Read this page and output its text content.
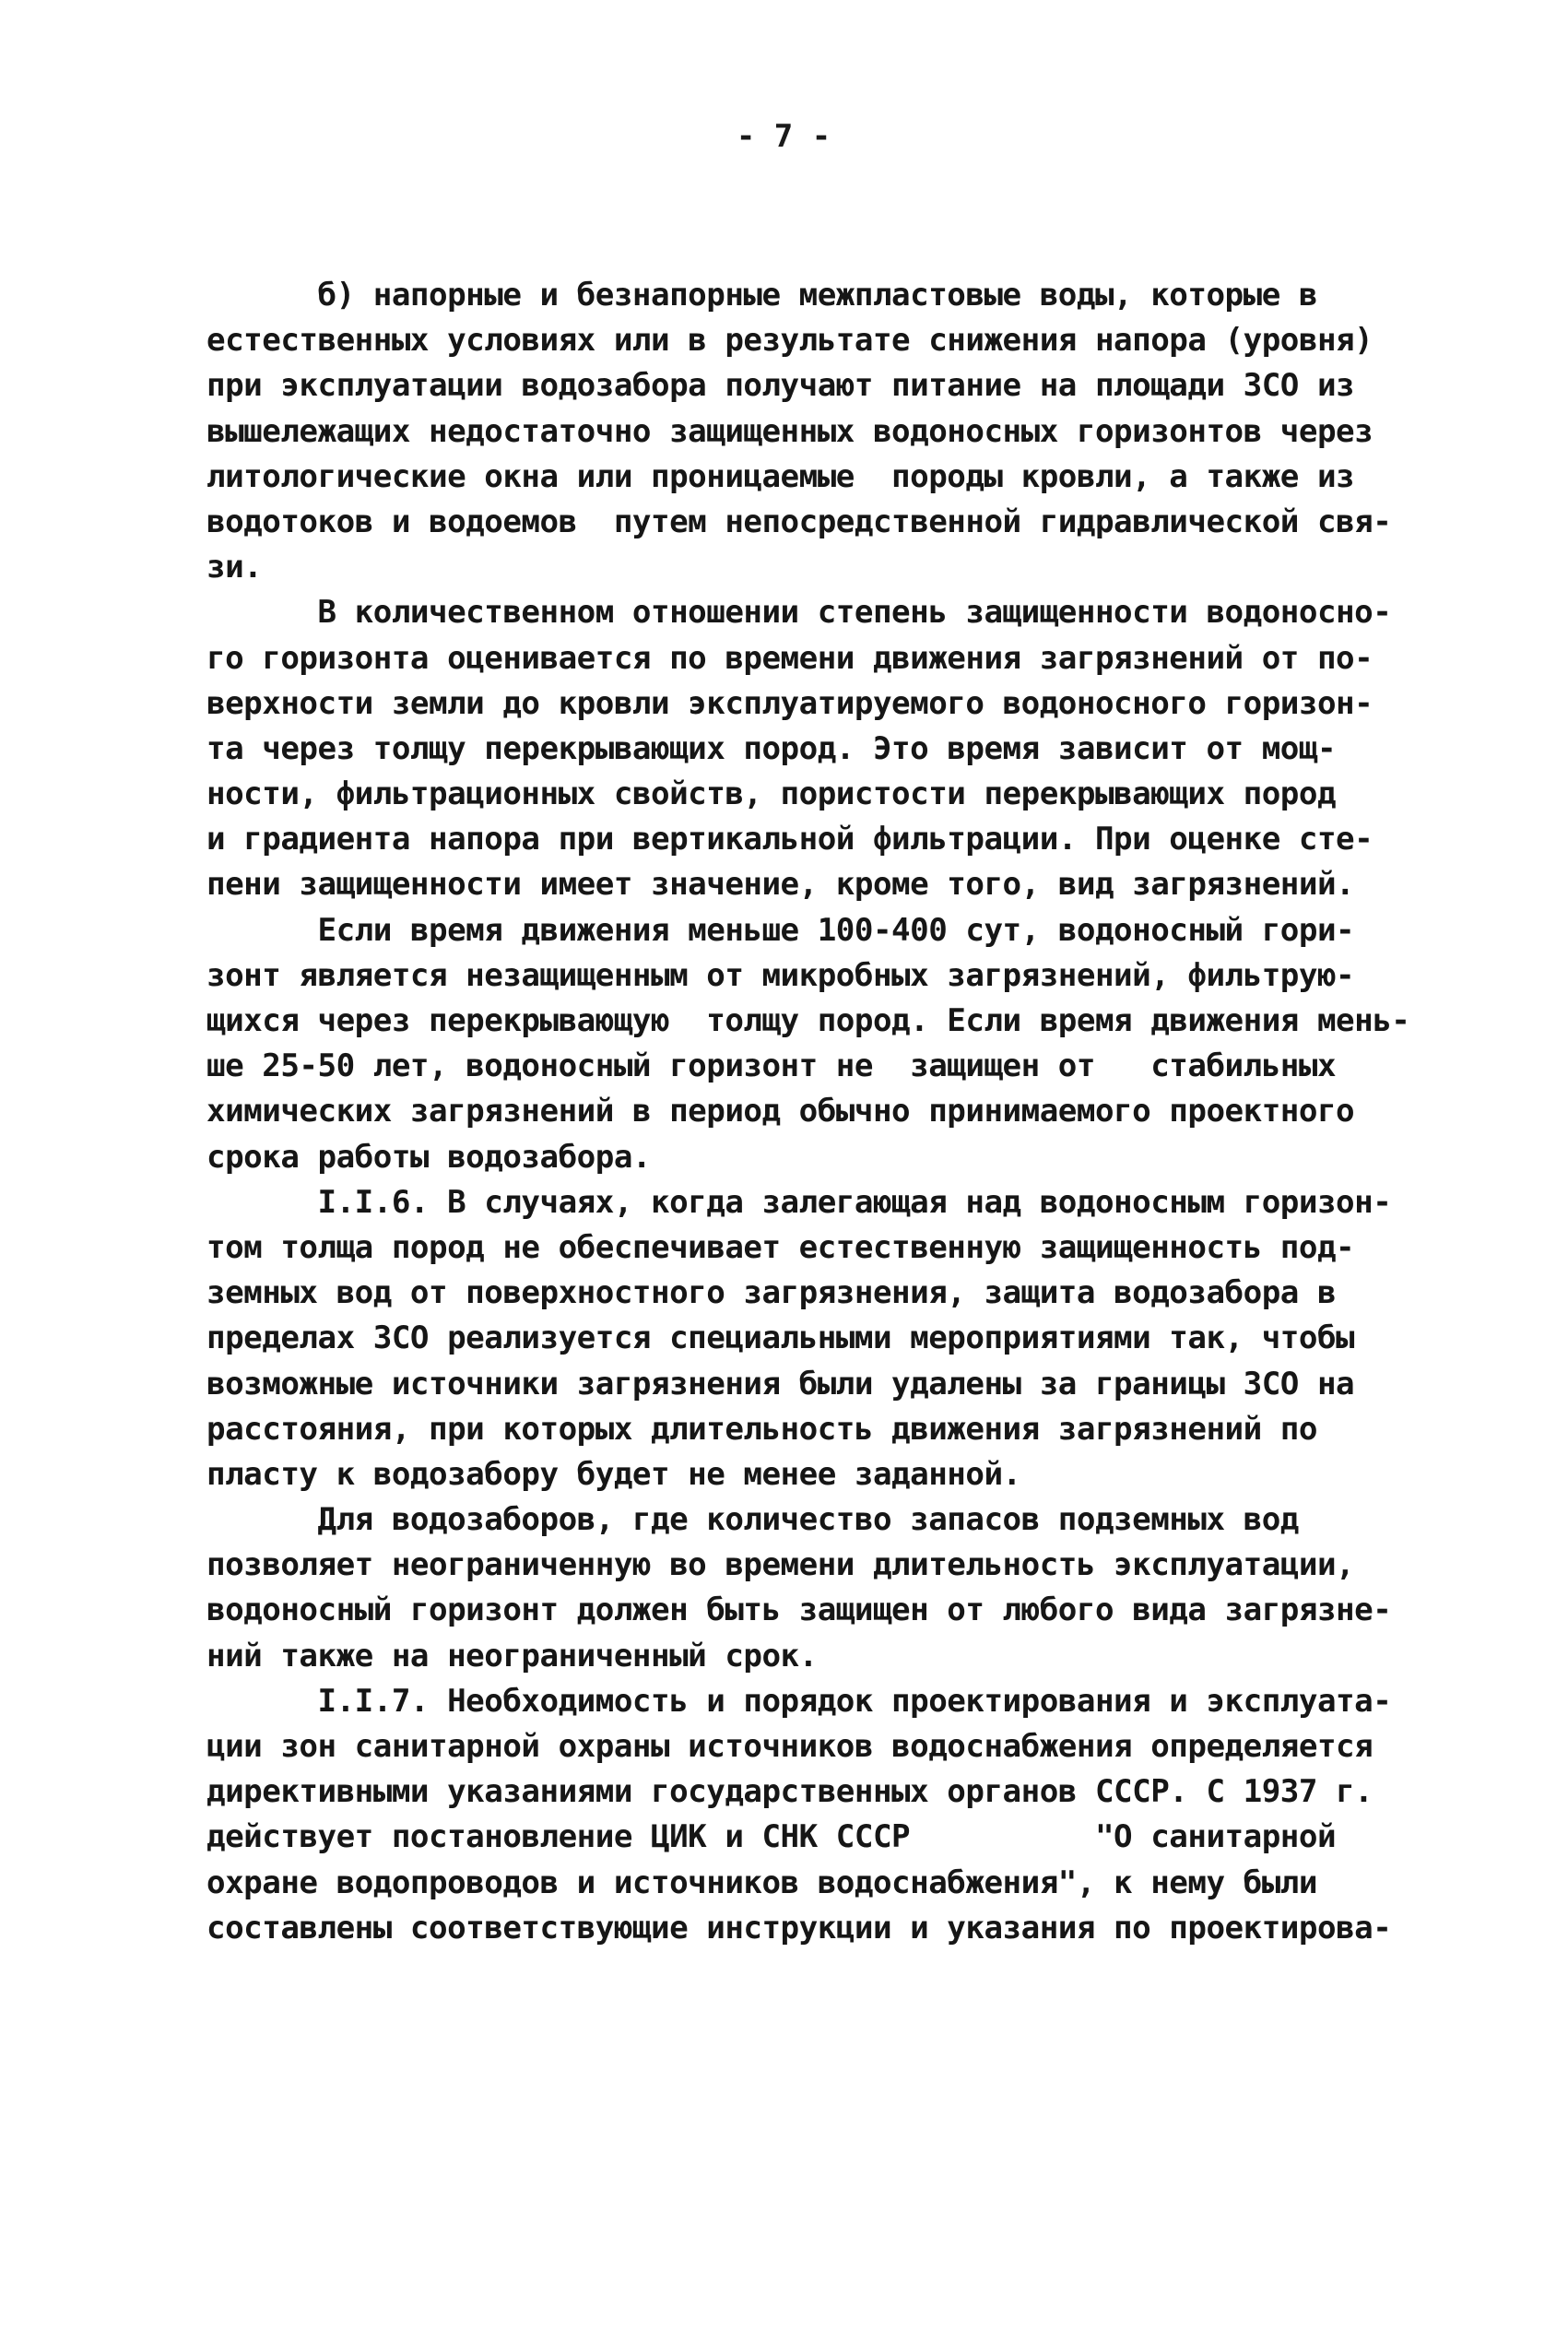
- 7 -
б) напорные и безнапорные межпластовые воды, которые в
естественных условиях или в результате снижения напора (уровня)
при эксплуатации водозабора получают питание на площади ЗСО из
вышележащих недостаточно защищенных водоносных горизонтов через
литологические окна или проницаемые  породы кровли, а также из
водотоков и водоемов  путем непосредственной гидравлической свя-
зи.
В количественном отношении степень защищенности водоносно-
го горизонта оценивается по времени движения загрязнений от по-
верхности земли до кровли эксплуатируемого водоносного горизон-
та через толщу перекрывающих пород. Это время зависит от мощ-
ности, фильтрационных свойств, пористости перекрывающих пород
и градиента напора при вертикальной фильтрации. При оценке сте-
пени защищенности имеет значение, кроме того, вид загрязнений.
Если время движения меньше 100-400 сут, водоносный гори-
зонт является незащищенным от микробных загрязнений, фильтрую-
щихся через перекрывающую  толщу пород. Если время движения мень-
ше 25-50 лет, водоносный горизонт не  защищен от   стабильных
химических загрязнений в период обычно принимаемого проектного
срока работы водозабора.
I.I.6. В случаях, когда залегающая над водоносным горизон-
том толща пород не обеспечивает естественную защищенность под-
земных вод от поверхностного загрязнения, защита водозабора в
пределах ЗСО реализуется специальными мероприятиями так, чтобы
возможные источники загрязнения были удалены за границы ЗСО на
расстояния, при которых длительность движения загрязнений по
пласту к водозабору будет не менее заданной.
Для водозаборов, где количество запасов подземных вод
позволяет неограниченную во времени длительность эксплуатации,
водоносный горизонт должен быть защищен от любого вида загрязне-
ний также на неограниченный срок.
I.I.7. Необходимость и порядок проектирования и эксплуата-
ции зон санитарной охраны источников водоснабжения определяется
директивными указаниями государственных органов СССР. С 1937 г.
действует постановление ЦИК и СНК СССР          "О санитарной
охране водопроводов и источников водоснабжения", к нему были
составлены соответствующие инструкции и указания по проектирова-
